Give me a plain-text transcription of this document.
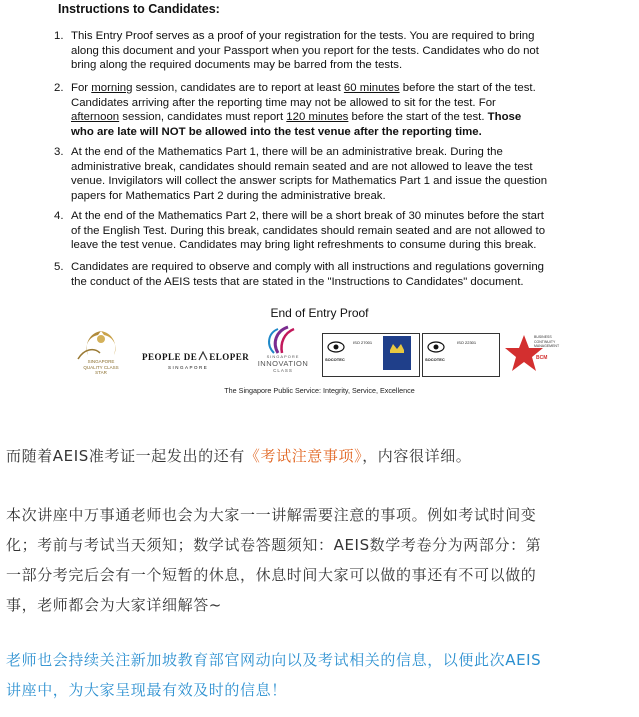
Instructions to Candidates:
1. This Entry Proof serves as a proof of your registration for the tests. You are required to bring
along this document and your Passport when you report for the tests. Candidates who do not
bring along the required documents may be barred from the tests.
2. For morning session, candidates are to report at least 60 minutes before the start of the test.
Candidates arriving after the reporting time may not be allowed to sit for the test. For
afternoon session, candidates must report 120 minutes before the start of the test. Those
who are late will NOT be allowed into the test venue after the reporting time.
3. At the end of the Mathematics Part 1, there will be an administrative break. During the
administrative break, candidates should remain seated and are not allowed to leave the test
venue. Invigilators will collect the answer scripts for Mathematics Part 1 and issue the question
papers for Mathematics Part 2 during the administrative break.
4. At the end of the Mathematics Part 2, there will be a short break of 30 minutes before the start
of the English Test. During this break, candidates should remain seated and are not allowed to
leave the test venue. Candidates may bring light refreshments to consume during this break.
5. Candidates are required to observe and comply with all instructions and regulations governing
the conduct of the AEIS tests that are stated in the "Instructions to Candidates" document.
End of Entry Proof
SINGAPORE
QUALITY CLASS
STAR
PEOPLE DE ELOPER
SINGAPORE
SINGAPORE
INNOVATION
CLASS
SOCOTEC
ISO 27001
SOCOTEC
ISO 22301
BUSINESS CONTINUITY MANAGEMENT
BCM
The Singapore Public Service: Integrity, Service, Excellence
而随着AEIS准考证一起发出的还有《考试注意事项》，内容很详细。
本次讲座中万事通老师也会为大家一一讲解需要注意的事项。例如考试时间变
化；考前与考试当天须知；数学试卷答题须知：AEIS数学考卷分为两部分：第
一部分考完后会有一个短暂的休息，休息时间大家可以做的事还有不可以做的
事，老师都会为大家详细解答~
老师也会持续关注新加坡教育部官网动向以及考试相关的信息，以便此次AEIS
讲座中，为大家呈现最有效及时的信息！
